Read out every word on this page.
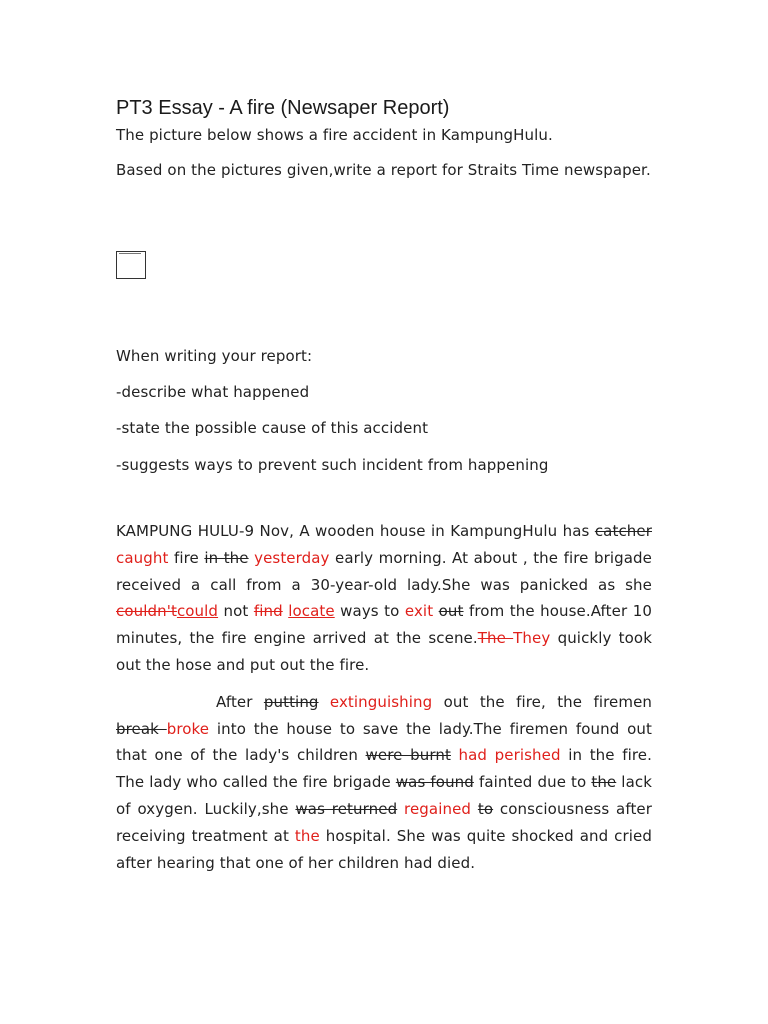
PT3 Essay - A fire (Newsaper Report)

The picture below shows a fire accident in KampungHulu.

Based on the pictures given,write a report for Straits Time newspaper.

When writing your report:

-describe what happened

-state the possible cause of this accident

-suggests ways to prevent such incident from happening

KAMPUNG HULU-9 Nov, A wooden house in KampungHulu has catcher caught fire in the yesterday early morning. At about , the fire brigade received a call from a 30-year-old lady.She was panicked as she couldn'tcould not find locate ways to exit out from the house.After 10 minutes, the fire engine arrived at the scene.The They quickly took out the hose and put out the fire.

After putting extinguishing out the fire, the firemen break broke into the house to save the lady.The firemen found out that one of the lady's children were burnt had perished in the fire. The lady who called the fire brigade was found fainted due to the lack of oxygen. Luckily,she was returned regained to consciousness after receiving treatment at the hospital. She was quite shocked and cried after hearing that one of her children had died.
